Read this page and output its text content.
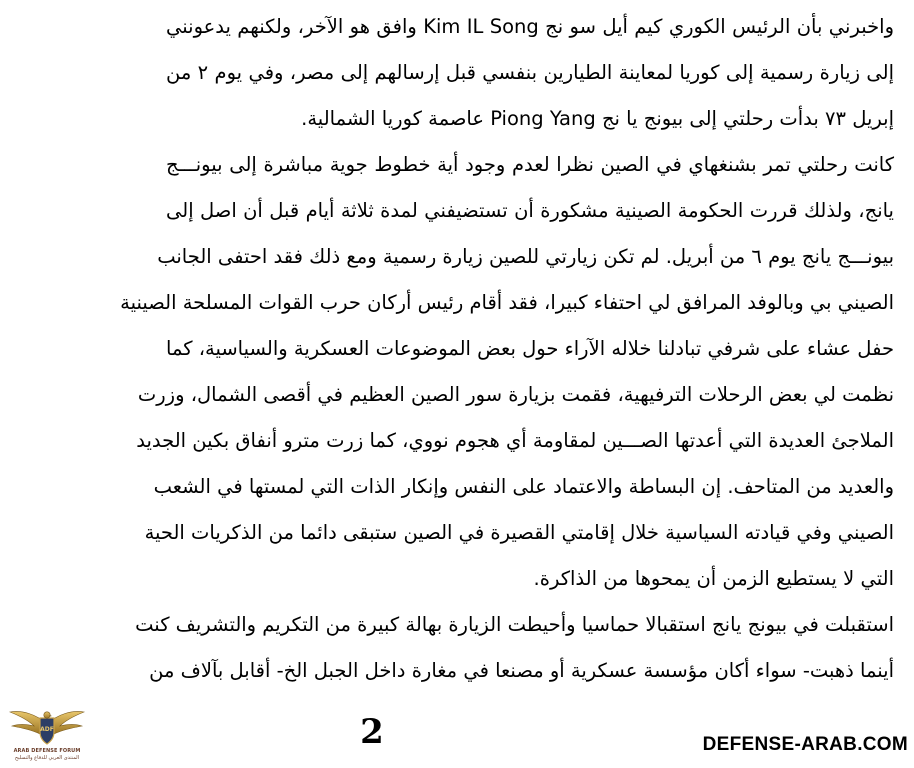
واخبرني بأن الرئيس الكوري كيم أيل سو نج Kim IL Song وافق هو الآخر، ولكنهم يدعونني
إلى زيارة رسمية إلى كوريا لمعاينة الطيارين بنفسي قبل إرسالهم إلى مصر، وفي يوم ٢ من
إبريل ٧٣ بدأت رحلتي إلى بيونج يا نج Piong Yang عاصمة كوريا الشمالية.
كانت رحلتي تمر بشنغهاي في الصين نظرا لعدم وجود أية خطوط جوية مباشرة إلى بيونـــج
يانج، ولذلك قررت الحكومة الصينية مشكورة أن تستضيفني لمدة ثلاثة أيام قبل أن اصل إلى
بيونـــج يانج يوم ٦ من أبريل. لم تكن زيارتي للصين زيارة رسمية ومع ذلك فقد احتفى الجانب
الصيني بي وبالوفد المرافق لي احتفاء كبيرا، فقد أقام رئيس أركان حرب القوات المسلحة الصينية
حفل عشاء على شرفي تبادلنا خلاله الآراء حول بعض الموضوعات العسكرية والسياسية، كما
نظمت لي بعض الرحلات الترفيهية، فقمت بزيارة سور الصين العظيم في أقصى الشمال، وزرت
الملاجئ العديدة التي أعدتها الصـــين لمقاومة أي هجوم نووي، كما زرت مترو أنفاق بكين الجديد
والعديد من المتاحف. إن البساطة والاعتماد على النفس وإنكار الذات التي لمستها في الشعب
الصيني وفي قيادته السياسية خلال إقامتي القصيرة في الصين ستبقى دائما من الذكريات الحية
التي لا يستطيع الزمن أن يمحوها من الذاكرة.
استقبلت في بيونج يانج استقبالا حماسيا وأحيطت الزيارة بهالة كبيرة من التكريم والتشريف كنت
أينما ذهبت- سواء أكان مؤسسة عسكرية أو مصنعا في مغارة داخل الجبل الخ- أقابل بآلاف من
ADF
ARAB DEFENSE FORUM
المنتدى العربي للدفاع والتسليح
2	DEFENSE-ARAB.COM
